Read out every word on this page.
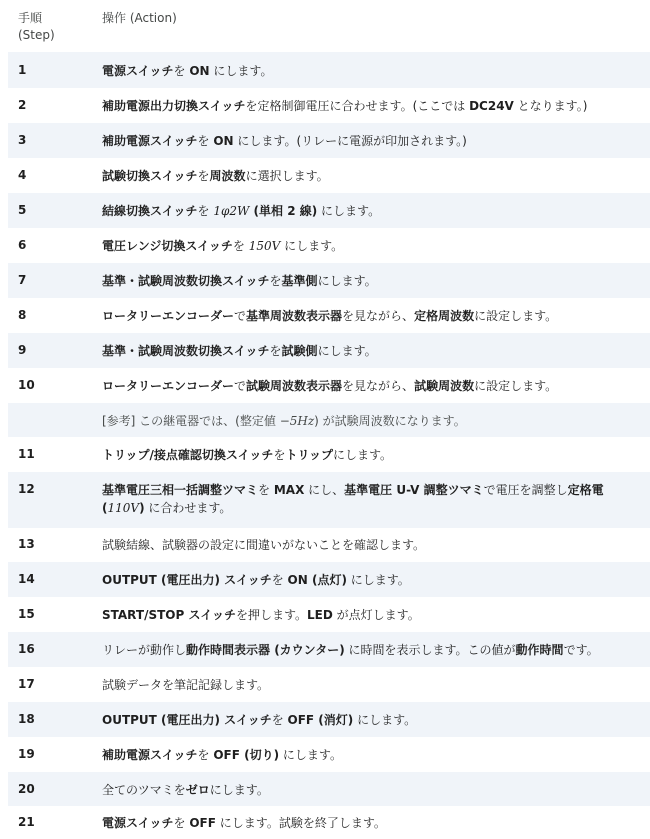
手順
(Step)
操作 (Action)
1	電源スイッチを ON にします。
2	補助電源出力切換スイッチを定格制御電圧に合わせます。(ここでは DC24V となります。)
3	補助電源スイッチを ON にします。(リレーに電源が印加されます。)
4	試験切換スイッチを周波数に選択します。
5	結線切換スイッチを 1φ2W (単相 2 線) にします。
6	電圧レンジ切換スイッチを 150V にします。
7	基準・試験周波数切換スイッチを基準側にします。
8	ロータリーエンコーダーで基準周波数表示器を見ながら、定格周波数に設定します。
9	基準・試験周波数切換スイッチを試験側にします。
10	ロータリーエンコーダーで試験周波数表示器を見ながら、試験周波数に設定します。
[参考] この継電器では、(整定値 −5Hz) が試験周波数になります。
11	トリップ/接点確認切換スイッチをトリップにします。
12	基準電圧三相一括調整ツマミを MAX にし、基準電圧 U-V 調整ツマミで電圧を調整し定格電
(110V) に合わせます。
13	試験結線、試験器の設定に間違いがないことを確認します。
14	OUTPUT (電圧出力) スイッチを ON (点灯) にします。
15	START/STOP スイッチを押します。LED が点灯します。
16	リレーが動作し動作時間表示器 (カウンター) に時間を表示します。この値が動作時間です。
17	試験データを筆記記録します。
18	OUTPUT (電圧出力) スイッチを OFF (消灯) にします。
19	補助電源スイッチを OFF (切り) にします。
20	全てのツマミをゼロにします。
21	電源スイッチを OFF にします。試験を終了します。
